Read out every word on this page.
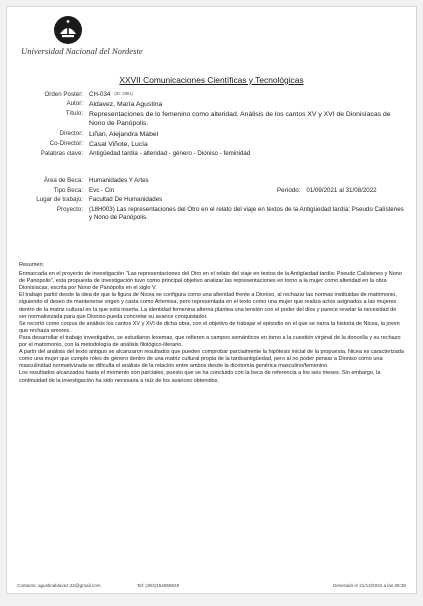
Universidad Nacional del Nordeste
XXVII Comunicaciones Científicas y Tecnológicas
Orden Poster: CH-034 (ID: 2891)
Autor: Aldavez, María Agustina
Título: Representaciones de lo femenino como alteridad. Análisis de los cantos XV y XVI de Dionisíacas de Nono de Panópolis.
Director: Liñan, Alejandra Mabel
Co-Director: Casal Viñote, Lucía
Palabras clave: Antigüedad tardía - alteridad - género - Dioniso - feminidad
Área de Beca: Humanidades Y Artes
Tipo Beca: Evc - Cin	Período: 01/09/2021 al 31/08/2022
Lugar de trabajo: Facultad De Humanidades
Proyecto: (18H003) Las representaciones del Otro en el relato del viaje en textos de la Antigüedad tardía: Pseudo Calístenes y Nono de Panópolis.
Resumen:

Enmarcada en el proyecto de investigación "Las representaciones del Otro en el relato del viaje en textos de la Antigüedad tardía: Pseudo Calístenes y Nono de Panópolis", esta propuesta de investigación tuvo como principal objetivo analizar las representaciones en torno a la mujer como alteridad en la obra Dionisíacas, escrita por Nono de Panópolis en el siglo V.

El trabajo partió desde la idea de que la figura de Nicea se configura como una alteridad frente a Dioniso, al rechazar las normas instituidas de matrimonio, siguiendo el deseo de mantenerse virgen y casta como Artemisa, pero representada en el texto como una mujer que realiza actos asignados a las mujeres dentro de la matriz cultural en la que está inserta. La identidad femenina alterna plantea una tensión con el poder del dios y parece revelar la necesidad de ser normativizada para que Dioniso pueda concretar su avance conquistador.

Se recortó como corpus de análisis los cantos XV y XVI de dicha obra, con el objetivo de trabajar el episodio en el que se narra la historia de Nicea, la joven que rechaza amores.

Para desarrollar el trabajo investigativo, se estudiaron lexemas, que refieren a campos semánticos en torno a la cuestión virginal de la doncella y su rechazo por el matrimonio, con la metodología de análisis filológico-literario.

A partir del análisis del texto antiguo se alcanzaron resultados que pueden comprobar parcialmente la hipótesis inicial de la propuesta. Nicea es caracterizada como una mujer que cumple roles de género dentro de una matriz cultural propia de la tardoantigüedad, pero al no poder pensar a Dioniso como una masculinidad normativizada se dificulta el análisis de la relación entre ambos desde la dicotomía genérica masculino/femenino.

Los resultados alcanzados hasta el momento son parciales, puesto que se ha concluido con la beca de referencia a los seis meses. Sin embargo, la continuidad de la investigación ha sido necesaria a raíz de los avances obtenidos.

Contacto: agustinaldavez.22@gmail.com	Tel: (362)154859628	Generado el 21/12/2023 a las 09:39
